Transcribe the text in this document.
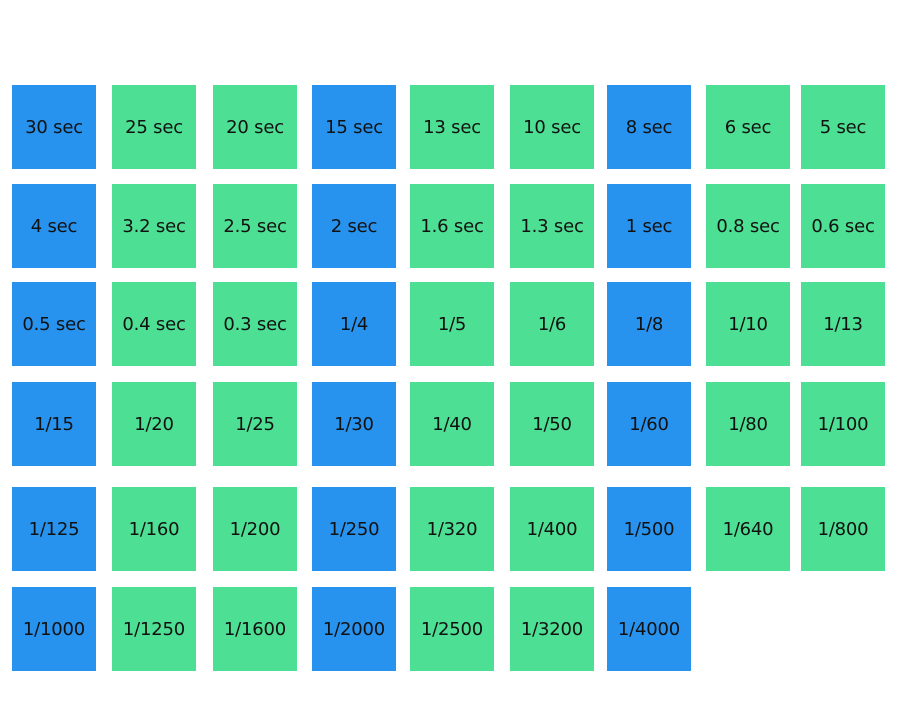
30 sec	25 sec	20 sec	15 sec	13 sec	10 sec	8 sec	6 sec	5 sec
4 sec	3.2 sec	2.5 sec	2 sec	1.6 sec	1.3 sec	1 sec	0.8 sec	0.6 sec
0.5 sec	0.4 sec	0.3 sec	1/4	1/5	1/6	1/8	1/10	1/13
1/15	1/20	1/25	1/30	1/40	1/50	1/60	1/80	1/100
1/125	1/160	1/200	1/250	1/320	1/400	1/500	1/640	1/800
1/1000	1/1250	1/1600	1/2000	1/2500	1/3200	1/4000
